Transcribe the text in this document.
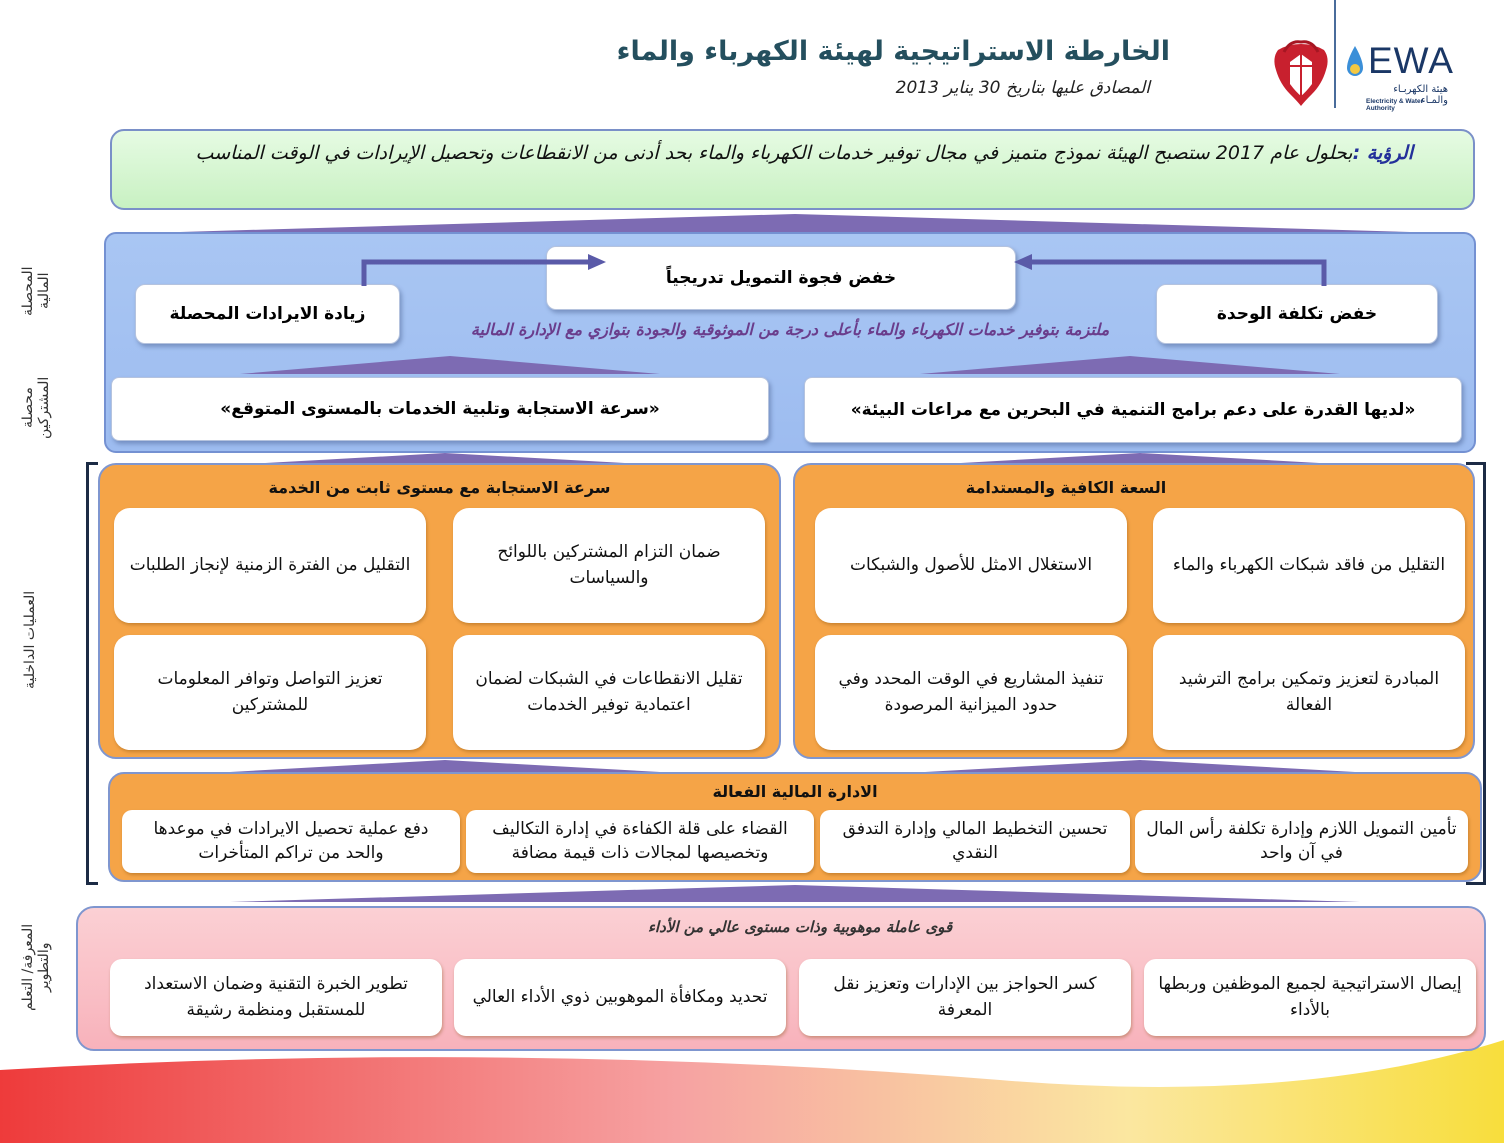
الخارطة الاستراتيجية لهيئة الكهرباء والماء
المصادق عليها بتاريخ 30 يناير 2013
EWA
هيئة الكهربـاء والمـاء
Electricity & Water Authority
المحصلة المالية
محصلة المشتركين
العمليات الداخلية
المعرفة/ التعلم والتطوير
الرؤية :بحلول عام 2017 ستصبح الهيئة نموذج متميز في مجال توفير خدمات الكهرباء والماء بحد أدنى من الانقطاعات وتحصيل الإيرادات في الوقت المناسب
خفض فجوة التمويل تدريجياً
زيادة الايرادات المحصلة	خفض تكلفة الوحدة
ملتزمة بتوفير خدمات الكهرباء والماء بأعلى درجة من الموثوقية والجودة بتوازي مع الإدارة المالية
«سرعة الاستجابة وتلبية الخدمات بالمستوى المتوقع»	«لديها القدرة على دعم برامج التنمية في البحرين مع مراعات البيئة»
سرعة الاستجابة مع مستوى ثابت من الخدمة
ضمان التزام المشتركين باللوائح والسياسات
التقليل من الفترة الزمنية لإنجاز الطلبات
تقليل الانقطاعات في الشبكات لضمان اعتمادية توفير الخدمات
تعزيز التواصل وتوافر المعلومات للمشتركين
السعة الكافية والمستدامة
التقليل من فاقد شبكات الكهرباء والماء
الاستغلال الامثل للأصول والشبكات
المبادرة لتعزيز وتمكين برامج الترشيد الفعالة
تنفيذ المشاريع في الوقت المحدد وفي حدود الميزانية المرصودة
الادارة المالية الفعالة
تأمين التمويل اللازم وإدارة تكلفة رأس المال في آن واحد
تحسين التخطيط المالي وإدارة التدفق النقدي
القضاء على قلة الكفاءة في إدارة التكاليف وتخصيصها لمجالات ذات قيمة مضافة
دفع عملية تحصيل الايرادات في موعدها والحد من تراكم المتأخرات
قوى عاملة موهوبية وذات مستوى عالي من الأداء
إيصال الاستراتيجية لجميع الموظفين وربطها بالأداء
كسر الحواجز بين الإدارات وتعزيز نقل المعرفة
تحديد ومكافأة الموهوبين ذوي الأداء العالي
تطوير الخبرة التقنية وضمان الاستعداد للمستقبل ومنظمة رشيقة
